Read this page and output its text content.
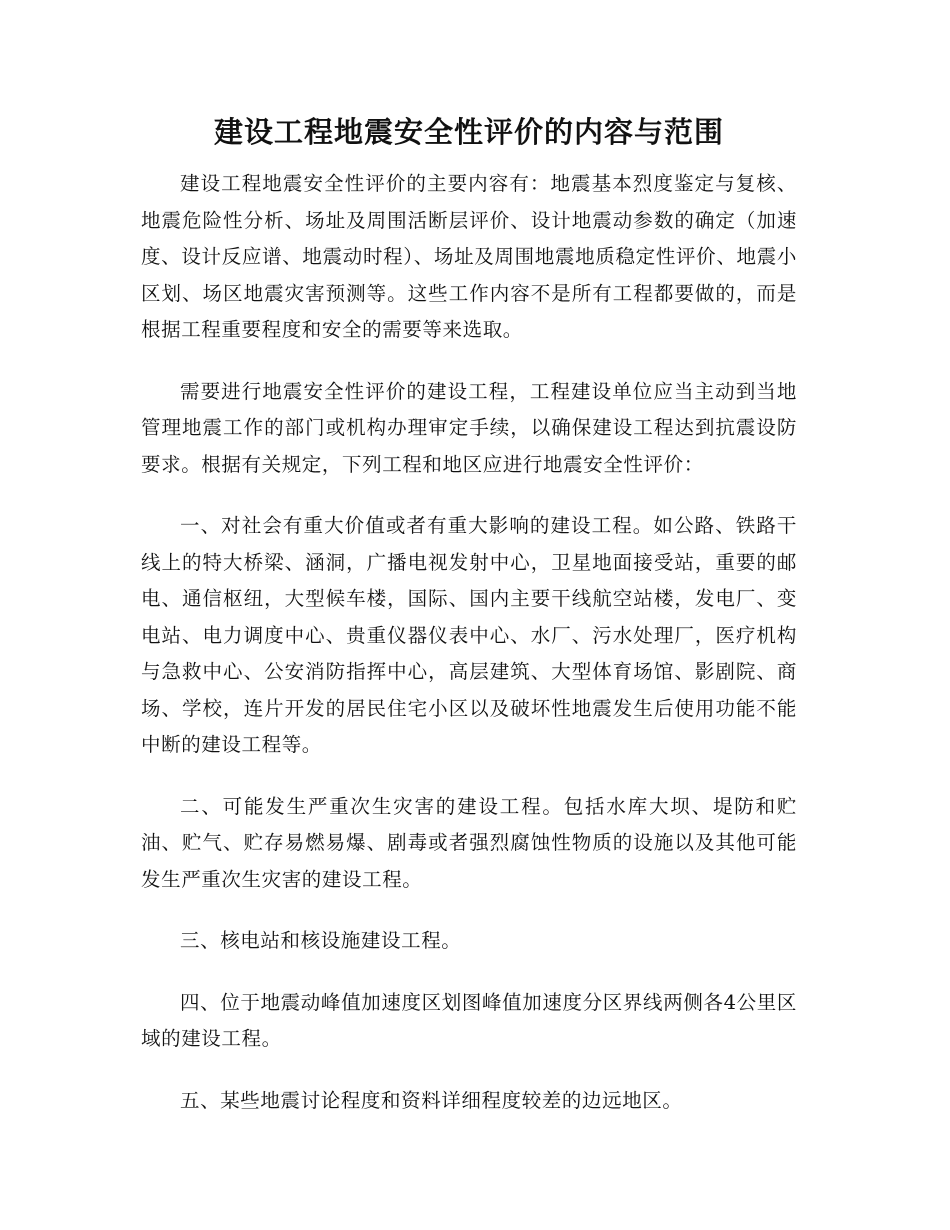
建设工程地震安全性评价的内容与范围

建设工程地震安全性评价的主要内容有：地震基本烈度鉴定与复核、地震危险性分析、场址及周围活断层评价、设计地震动参数的确定（加速度、设计反应谱、地震动时程）、场址及周围地震地质稳定性评价、地震小区划、场区地震灾害预测等。这些工作内容不是所有工程都要做的，而是根据工程重要程度和安全的需要等来选取。

需要进行地震安全性评价的建设工程，工程建设单位应当主动到当地管理地震工作的部门或机构办理审定手续，以确保建设工程达到抗震设防要求。根据有关规定，下列工程和地区应进行地震安全性评价：

一、对社会有重大价值或者有重大影响的建设工程。如公路、铁路干线上的特大桥梁、涵洞，广播电视发射中心，卫星地面接受站，重要的邮电、通信枢纽，大型候车楼，国际、国内主要干线航空站楼，发电厂、变电站、电力调度中心、贵重仪器仪表中心、水厂、污水处理厂，医疗机构与急救中心、公安消防指挥中心，高层建筑、大型体育场馆、影剧院、商场、学校，连片开发的居民住宅小区以及破坏性地震发生后使用功能不能中断的建设工程等。

二、可能发生严重次生灾害的建设工程。包括水库大坝、堤防和贮油、贮气、贮存易燃易爆、剧毒或者强烈腐蚀性物质的设施以及其他可能发生严重次生灾害的建设工程。

三、核电站和核设施建设工程。

四、位于地震动峰值加速度区划图峰值加速度分区界线两侧各4公里区域的建设工程。

五、某些地震讨论程度和资料详细程度较差的边远地区。
